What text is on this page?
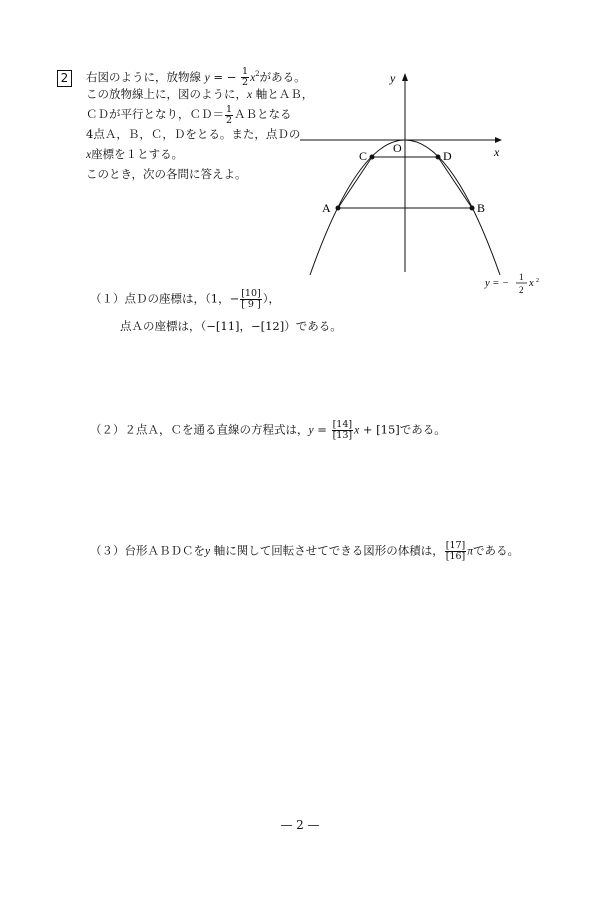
2	右図のように，放物線 y = − $\frac{1}{2} x^2$がある。
この放物線上に，図のように，x 軸とＡＢ，
ＣＤが平行となり，ＣＤ＝ $\frac{1}{2}$ ＡＢとなる
4点Ａ，Ｂ，Ｃ，Ｄをとる。また，点Ｄの
x座標を１とする。
このとき，次の各問に答えよ。
A	B
C	D
O	x
y
y = −
1
2
x 2
（１）点Ｄの座標は，（1，− $\frac{[10]}{[ 9 ]}$ ），
点Ａの座標は，（−[11]，−[12]）である。
（２）２点Ａ，Ｃを通る直線の方程式は，$y = \frac{[14]}{[13]}$ x + [15]である。
（３）台形ＡＢＤＣをy 軸に関して回転させてできる図形の体積は， $\frac{[17]}{[16]}$ πである。
— 2 —
